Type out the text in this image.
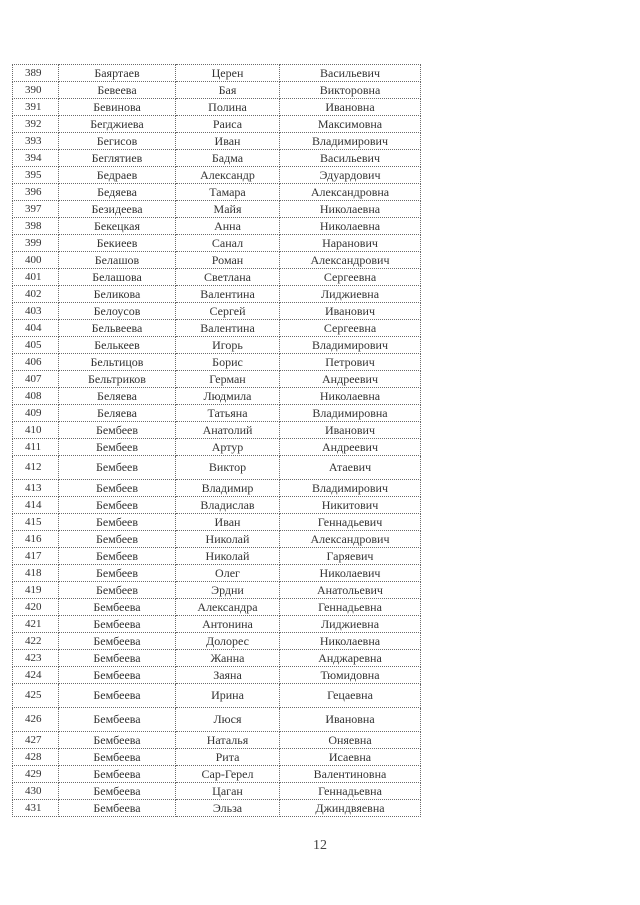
389	Баяртаев	Церен	Васильевич
390	Бевеева	Бая	Викторовна
391	Бевинова	Полина	Ивановна
392	Бегджиева	Раиса	Максимовна
393	Бегисов	Иван	Владимирович
394	Беглятиев	Бадма	Васильевич
395	Бедраев	Александр	Эдуардович
396	Бедяева	Тамара	Александровна
397	Безидеева	Майя	Николаевна
398	Бекецкая	Анна	Николаевна
399	Бекиеев	Санал	Наранович
400	Белашов	Роман	Александрович
401	Белашова	Светлана	Сергеевна
402	Беликова	Валентина	Лиджиевна
403	Белоусов	Сергей	Иванович
404	Бельвеева	Валентина	Сергеевна
405	Белькеев	Игорь	Владимирович
406	Бельтицов	Борис	Петрович
407	Бельтриков	Герман	Андреевич
408	Беляева	Людмила	Николаевна
409	Беляева	Татьяна	Владимировна
410	Бембеев	Анатолий	Иванович
411	Бембеев	Артур	Андреевич
412	Бембеев	Виктор	Атаевич
413	Бембеев	Владимир	Владимирович
414	Бембеев	Владислав	Никитович
415	Бембеев	Иван	Геннадьевич
416	Бембеев	Николай	Александрович
417	Бембеев	Николай	Гаряевич
418	Бембеев	Олег	Николаевич
419	Бембеев	Эрдни	Анатольевич
420	Бембеева	Александра	Геннадьевна
421	Бембеева	Антонина	Лиджиевна
422	Бембеева	Долорес	Николаевна
423	Бембеева	Жанна	Анджаревна
424	Бембеева	Заяна	Тюмидовна
425	Бембеева	Ирина	Гецаевна
426	Бембеева	Люся	Ивановна
427	Бембеева	Наталья	Оняевна
428	Бембеева	Рита	Исаевна
429	Бембеева	Сар-Герел	Валентиновна
430	Бембеева	Цаган	Геннадьевна
431	Бембеева	Эльза	Джиндвяевна
12
